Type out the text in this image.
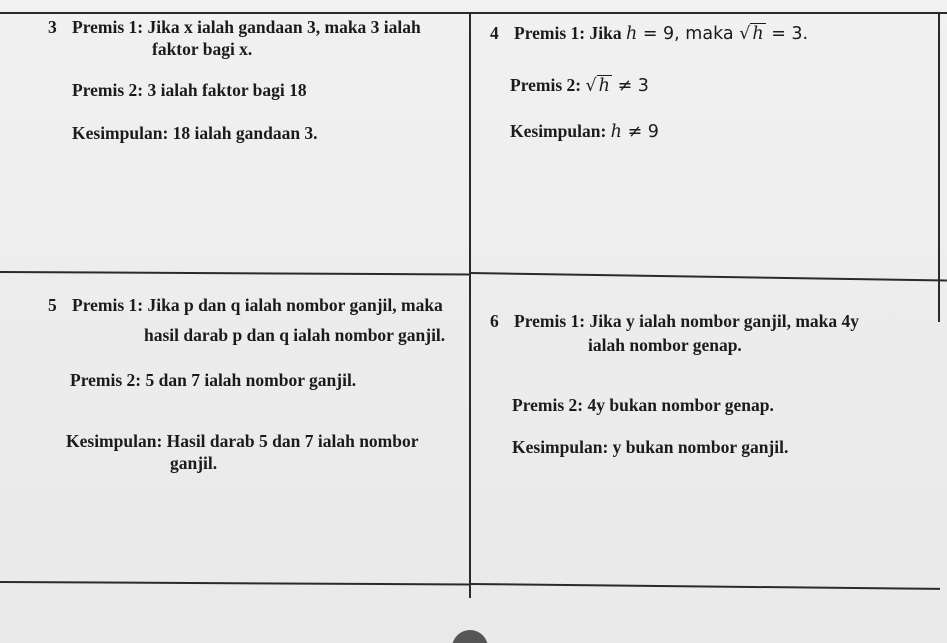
3 Premis 1: Jika x ialah gandaan 3, maka 3 ialah
faktor bagi x.
Premis 2: 3 ialah faktor bagi 18
Kesimpulan: 18 ialah gandaan 3.
4 Premis 1: Jika h = 9, maka √ h = 3.
Premis 2: √ h ≠ 3
Kesimpulan: h ≠ 9
5 Premis 1: Jika p dan q ialah nombor ganjil, maka
hasil darab p dan q ialah nombor ganjil.
Premis 2: 5 dan 7 ialah nombor ganjil.
Kesimpulan: Hasil darab 5 dan 7 ialah nombor
ganjil.
6 Premis 1: Jika y ialah nombor ganjil, maka 4y
ialah nombor genap.
Premis 2: 4y bukan nombor genap.
Kesimpulan: y bukan nombor ganjil.
